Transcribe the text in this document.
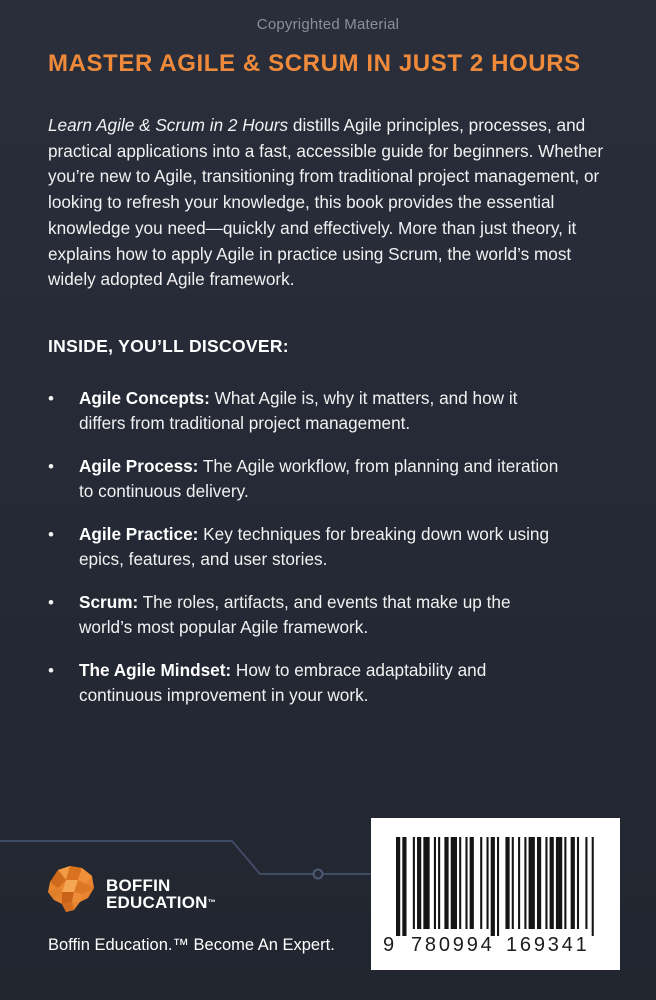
Copyrighted Material
MASTER AGILE & SCRUM IN JUST 2 HOURS
Learn Agile & Scrum in 2 Hours distills Agile principles, processes, and practical applications into a fast, accessible guide for beginners. Whether you’re new to Agile, transitioning from traditional project management, or looking to refresh your knowledge, this book provides the essential knowledge you need—quickly and effectively. More than just theory, it explains how to apply Agile in practice using Scrum, the world’s most widely adopted Agile framework.
INSIDE, YOU’LL DISCOVER:
• Agile Concepts: What Agile is, why it matters, and how it differs from traditional project management.
• Agile Process: The Agile workflow, from planning and iteration to continuous delivery.
• Agile Practice: Key techniques for breaking down work using epics, features, and user stories.
• Scrum: The roles, artifacts, and events that make up the world’s most popular Agile framework.
• The Agile Mindset: How to embrace adaptability and continuous improvement in your work.
BOFFIN
EDUCATION™
Boffin Education.™ Become An Expert. 9 780994 169341
